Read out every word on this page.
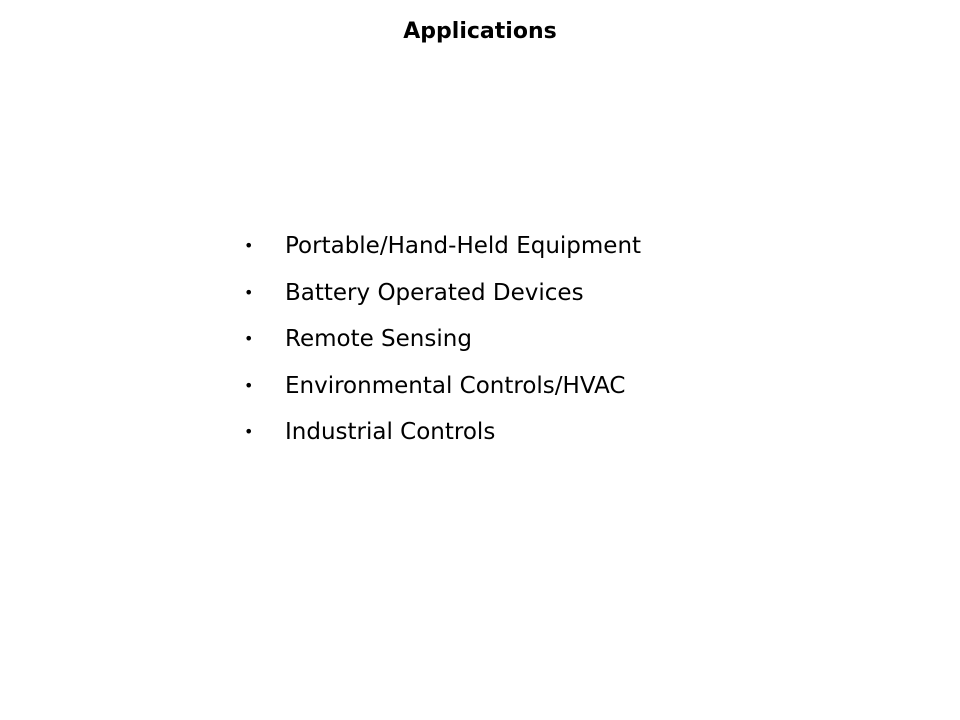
Applications
•	Portable/Hand-Held Equipment
•	Battery Operated Devices
•	Remote Sensing
•	Environmental Controls/HVAC
•	Industrial Controls
